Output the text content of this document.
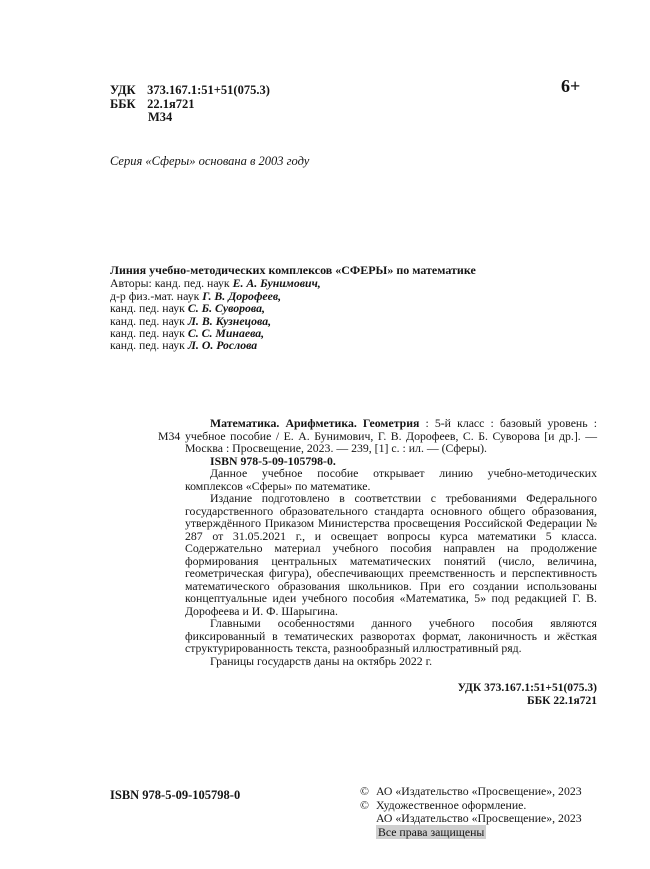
УДК 373.167.1:51+51(075.3)
ББК 22.1я721
М34
6+
Серия «Сферы» основана в 2003 году
Линия учебно-методических комплексов «СФЕРЫ» по математике
Авторы: канд. пед. наук Е. А. Бунимович,
д-р физ.-мат. наук Г. В. Дорофеев,
канд. пед. наук С. Б. Суворова,
канд. пед. наук Л. В. Кузнецова,
канд. пед. наук С. С. Минаева,
канд. пед. наук Л. О. Рослова
М34

Математика. Арифметика. Геометрия : 5-й класс : базовый уровень : учебное пособие / Е. А. Бунимович, Г. В. Дорофеев, С. Б. Суворова [и др.]. — Москва : Просвещение, 2023. — 239, [1] с. : ил. — (Сферы).

ISBN 978-5-09-105798-0.

Данное учебное пособие открывает линию учебно-методических комплексов «Сферы» по математике.

Издание подготовлено в соответствии с требованиями Федерального государственного образовательного стандарта основного общего образования, утверждённого Приказом Министерства просвещения Российской Федерации № 287 от 31.05.2021 г., и освещает вопросы курса математики 5 класса. Содержательно материал учебного пособия направлен на продолжение формирования центральных математических понятий (число, величина, геометрическая фигура), обеспечивающих преемственность и перспективность математического образования школьников. При его создании использованы концептуальные идеи учебного пособия «Математика, 5» под редакцией Г. В. Дорофеева и И. Ф. Шарыгина.

Главными особенностями данного учебного пособия являются фиксированный в тематических разворотах формат, лаконичность и жёсткая структурированность текста, разнообразный иллюстративный ряд.

Границы государств даны на октябрь 2022 г.

УДК 373.167.1:51+51(075.3)
ББК 22.1я721
ISBN 978-5-09-105798-0	© АО «Издательство «Просвещение», 2023
© Художественное оформление.
АО «Издательство «Просвещение», 2023
Все права защищены
